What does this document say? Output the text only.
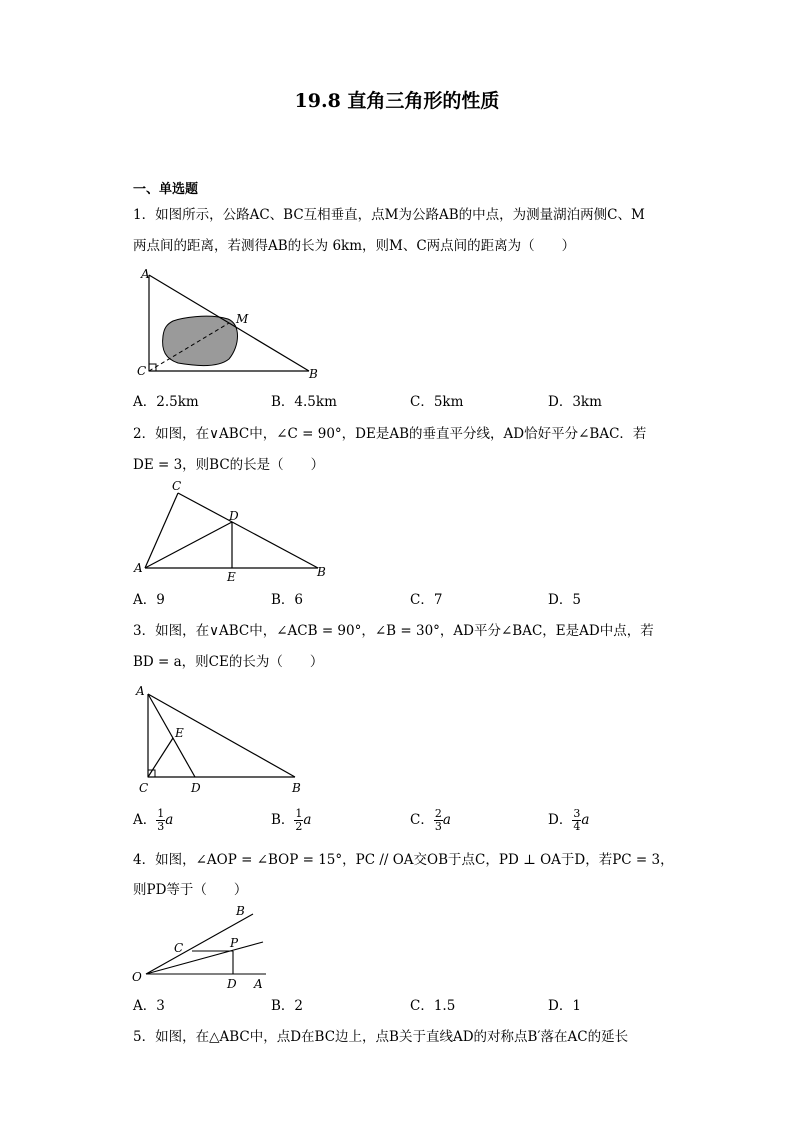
19.8 直角三角形的性质
一、单选题
1．如图所示，公路AC、BC互相垂直，点M为公路AB的中点，为测量湖泊两侧C、M
两点间的距离，若测得AB的长为 6km，则M、C两点间的距离为（　　）
A
M
C	B
A．2.5km	B．4.5km	C．5km	D．3km
2．如图，在∨ABC中，∠C = 90°，DE是AB的垂直平分线，AD恰好平分∠BAC．若
DE = 3，则BC的长是（　　）
C
D
A
E	B
A．9	B．6	C．7	D．5
3．如图，在∨ABC中，∠ACB = 90°，∠B = 30°，AD平分∠BAC，E是AD中点，若
BD = a，则CE的长为（　　）
A
E
C	D	B
A． $\frac{1}{3}$ a	B． $\frac{1}{2}$ a	C． $\frac{2}{3}$ a	D． $\frac{3}{4}$ a
4．如图，∠AOP = ∠BOP = 15°，PC // OA交OB于点C，PD ⊥ OA于D，若PC = 3，
则PD等于（　　）
B
C	P
O	D A
A．3	B．2	C．1.5	D．1
5．如图，在△ABC中，点D在BC边上，点B关于直线AD的对称点B′落在AC的延长
